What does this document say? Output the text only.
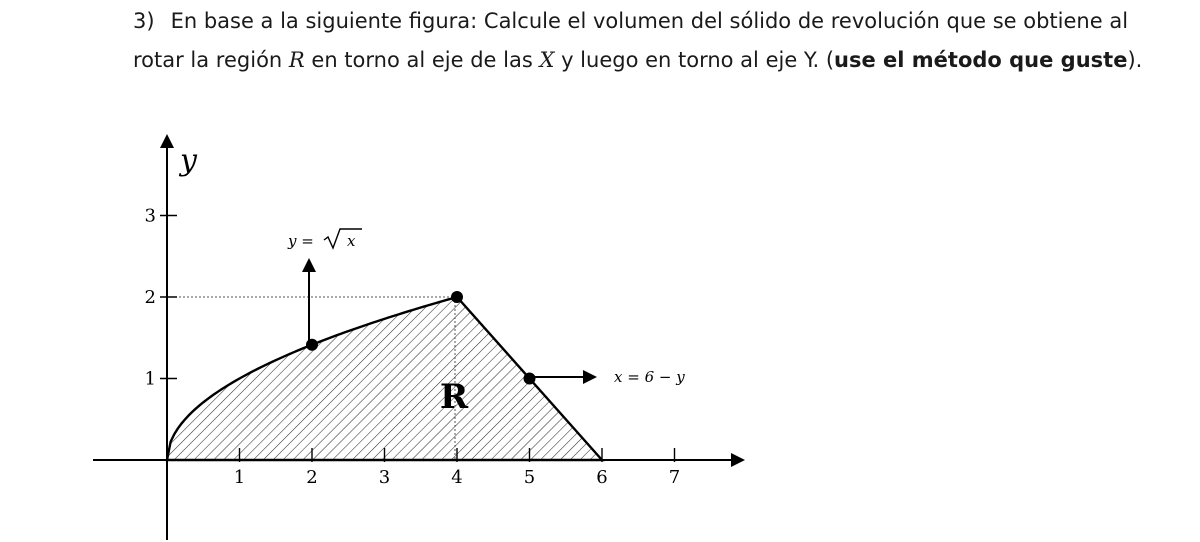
3) En base a la siguiente figura: Calcule el volumen del sólido de revolución que se obtiene al rotar la región R en torno al eje de las X y luego en torno al eje Y. (use el método que guste).
y
1	2	3	4	5	6	7
1
2
3
y = x
x = 6 − y
R
